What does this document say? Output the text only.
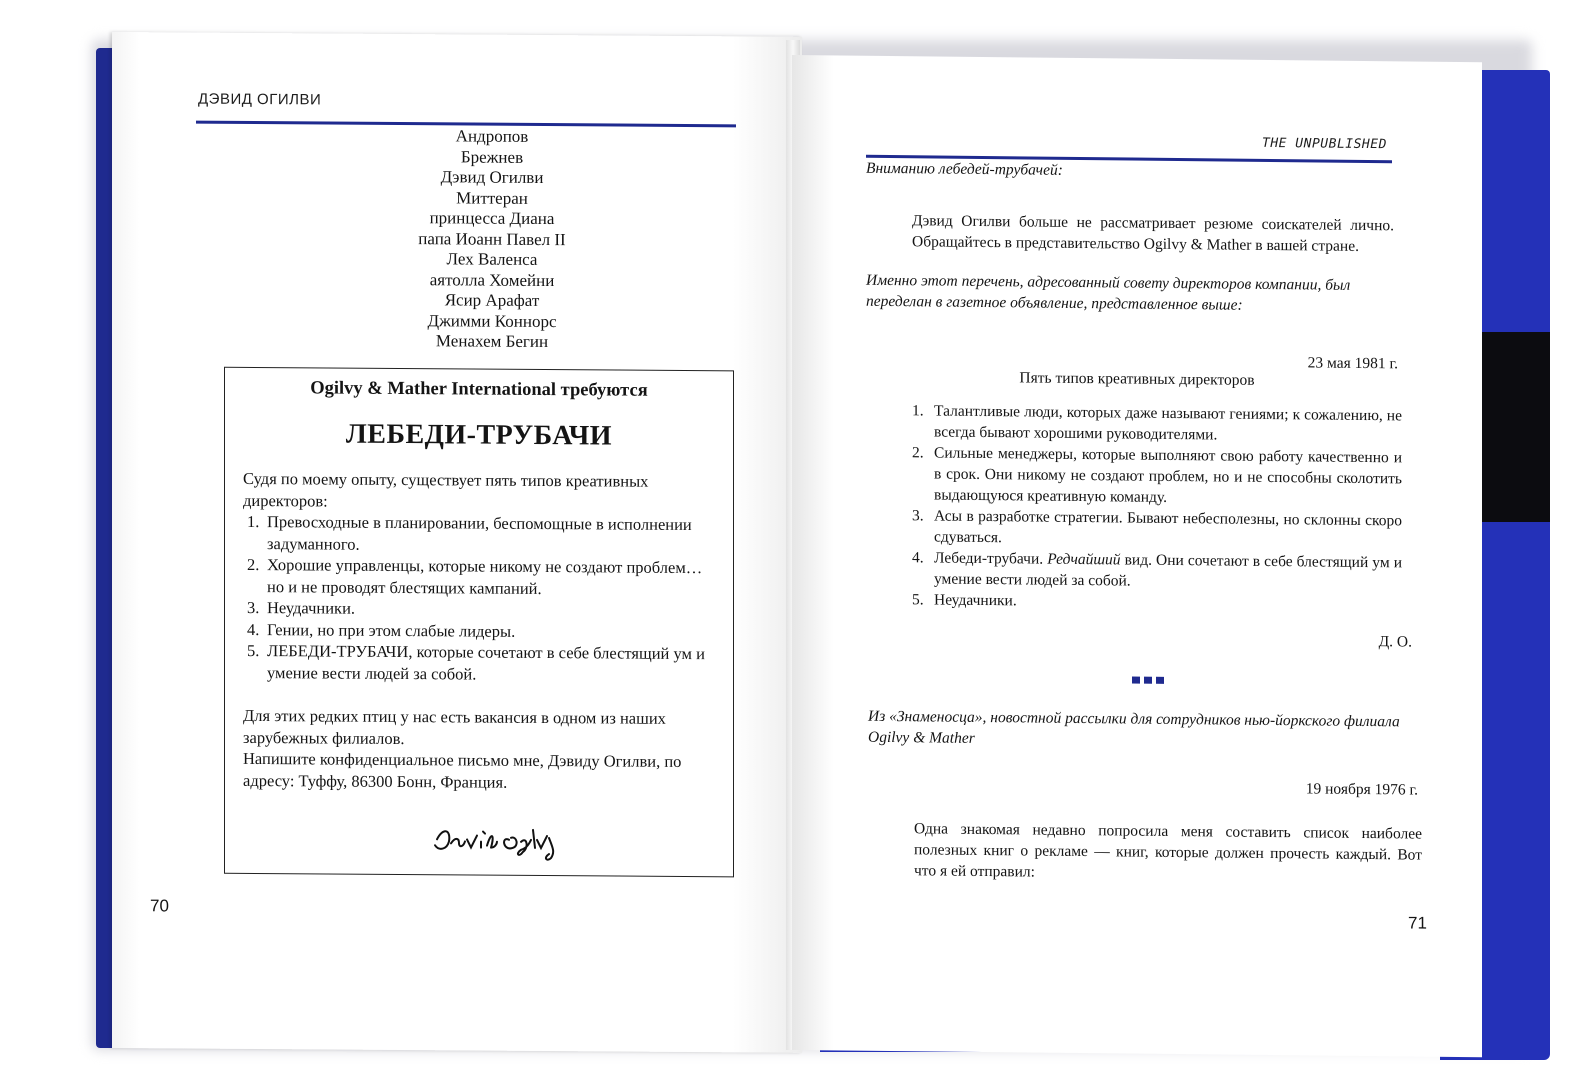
ДЭВИД ОГИЛВИ
Андропов
Брежнев
Дэвид Огилви
Миттеран
принцесса Диана
папа Иоанн Павел II
Лех Валенса
аятолла Хомейни
Ясир Арафат
Джимми Коннорс
Менахем Бегин
Ogilvy & Mather International требуются
ЛЕБЕДИ-ТРУБАЧИ

Судя по моему опыту, существует пять типов креативных директоров:

1. Превосходные в планировании, беспомощные в исполнении задуманного.
2. Хорошие управленцы, которые никому не создают проблем… но и не проводят блестящих кампаний.
3. Неудачники.
4. Гении, но при этом слабые лидеры.
5. ЛЕБЕДИ-ТРУБАЧИ, которые сочетают в себе блестящий ум и умение вести людей за собой.

Для этих редких птиц у нас есть вакансия в одном из наших зарубежных филиалов.

Напишите конфиденциальное письмо мне, Дэвиду Огилви, по адресу: Туффу, 86300 Бонн, Франция.

70
THE UNPUBLISHED
Вниманию лебедей-трубачей:
Дэвид Огилви больше не рассматривает резюме соискателей лично. Обращайтесь в представительство Ogilvy & Mather в вашей стране.
Именно этот перечень, адресованный совету директоров компании, был переделан в газетное объявление, представленное выше:
23 мая 1981 г.
Пять типов креативных директоров
1. Талантливые люди, которых даже называют гениями; к сожалению, не всегда бывают хорошими руководителями.
2. Сильные менеджеры, которые выполняют свою работу качественно и в срок. Они никому не создают проблем, но и не способны сколотить выдающуюся креативную команду.
3. Асы в разработке стратегии. Бывают небесполезны, но склонны скоро сдуваться.
4. Лебеди-трубачи. Редчайший вид. Они сочетают в себе блестящий ум и умение вести людей за собой.
5. Неудачники.
Д. О.
Из «Знаменосца», новостной рассылки для сотрудников нью-йоркского филиала Ogilvy & Mather
19 ноября 1976 г.
Одна знакомая недавно попросила меня составить список наиболее полезных книг о рекламе — книг, которые должен прочесть каждый. Вот что я ей отправил:
71
